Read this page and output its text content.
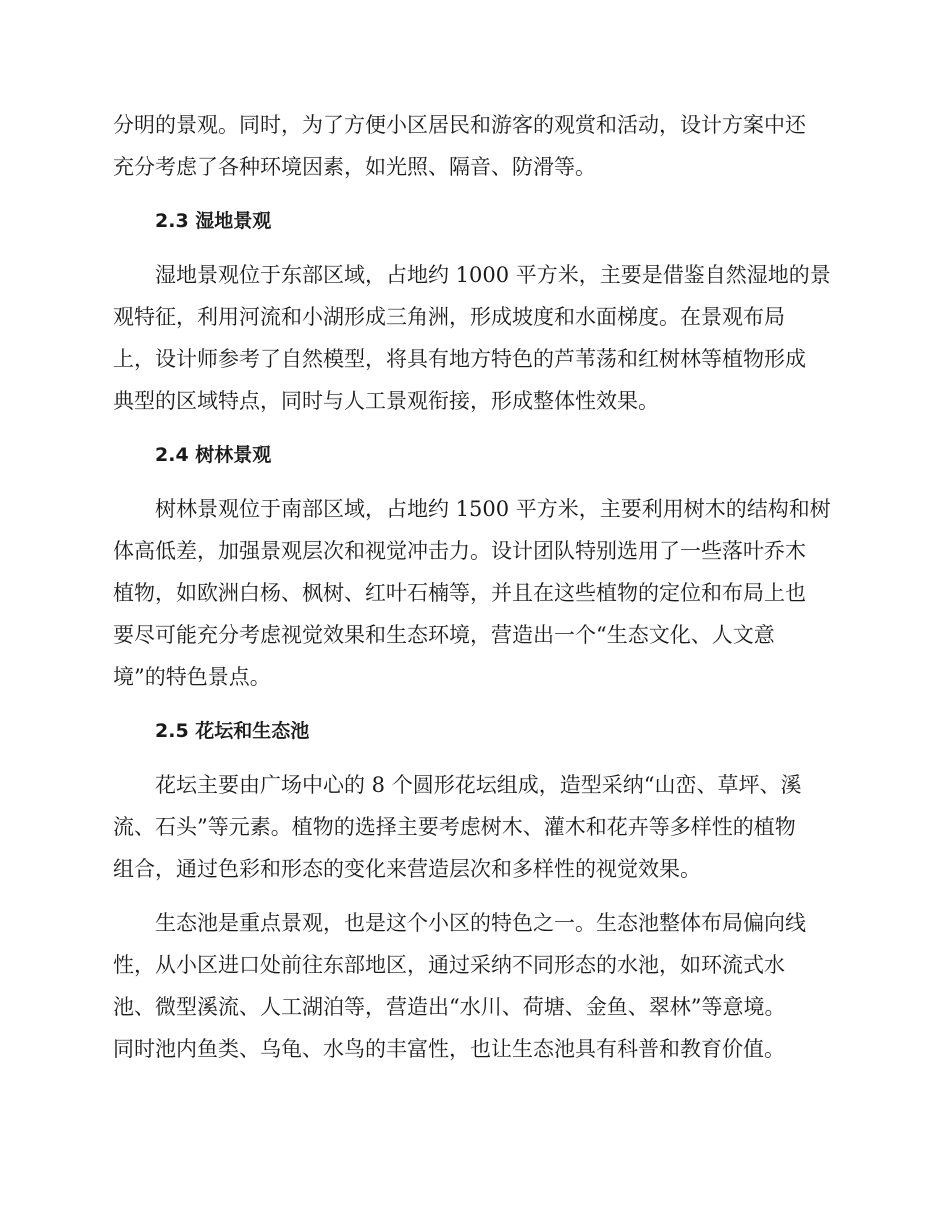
分明的景观。同时，为了方便小区居民和游客的观赏和活动，设计方案中还
充分考虑了各种环境因素，如光照、隔音、防滑等。
2.3 湿地景观
湿地景观位于东部区域，占地约 1000 平方米，主要是借鉴自然湿地的景
观特征，利用河流和小湖形成三角洲，形成坡度和水面梯度。在景观布局
上，设计师参考了自然模型，将具有地方特色的芦苇荡和红树林等植物形成
典型的区域特点，同时与人工景观衔接，形成整体性效果。
2.4 树林景观
树林景观位于南部区域，占地约 1500 平方米，主要利用树木的结构和树
体高低差，加强景观层次和视觉冲击力。设计团队特别选用了一些落叶乔木
植物，如欧洲白杨、枫树、红叶石楠等，并且在这些植物的定位和布局上也
要尽可能充分考虑视觉效果和生态环境，营造出一个“生态文化、人文意
境”的特色景点。
2.5 花坛和生态池
花坛主要由广场中心的 8 个圆形花坛组成，造型采纳“山峦、草坪、溪
流、石头”等元素。植物的选择主要考虑树木、灌木和花卉等多样性的植物
组合，通过色彩和形态的变化来营造层次和多样性的视觉效果。
生态池是重点景观，也是这个小区的特色之一。生态池整体布局偏向线
性，从小区进口处前往东部地区，通过采纳不同形态的水池，如环流式水
池、微型溪流、人工湖泊等，营造出“水川、荷塘、金鱼、翠林”等意境。
同时池内鱼类、乌龟、水鸟的丰富性，也让生态池具有科普和教育价值。
